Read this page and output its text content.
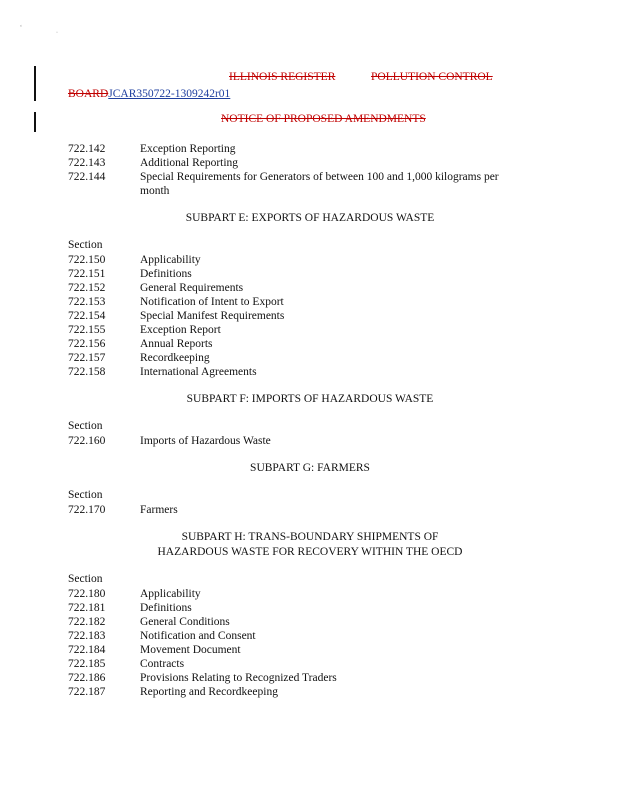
‘
·
ILLINOIS REGISTER	POLLUTION CONTROL
BOARDJCAR350722-1309242r01
NOTICE OF PROPOSED AMENDMENTS
722.142	Exception Reporting
722.143	Additional Reporting
722.144	Special Requirements for Generators of between 100 and 1,000 kilograms per month
SUBPART E: EXPORTS OF HAZARDOUS WASTE
Section
722.150	Applicability
722.151	Definitions
722.152	General Requirements
722.153	Notification of Intent to Export
722.154	Special Manifest Requirements
722.155	Exception Report
722.156	Annual Reports
722.157	Recordkeeping
722.158	International Agreements
SUBPART F: IMPORTS OF HAZARDOUS WASTE
Section
722.160	Imports of Hazardous Waste
SUBPART G: FARMERS
Section
722.170	Farmers
SUBPART H: TRANS-BOUNDARY SHIPMENTS OF
HAZARDOUS WASTE FOR RECOVERY WITHIN THE OECD
Section
722.180	Applicability
722.181	Definitions
722.182	General Conditions
722.183	Notification and Consent
722.184	Movement Document
722.185	Contracts
722.186	Provisions Relating to Recognized Traders
722.187	Reporting and Recordkeeping
